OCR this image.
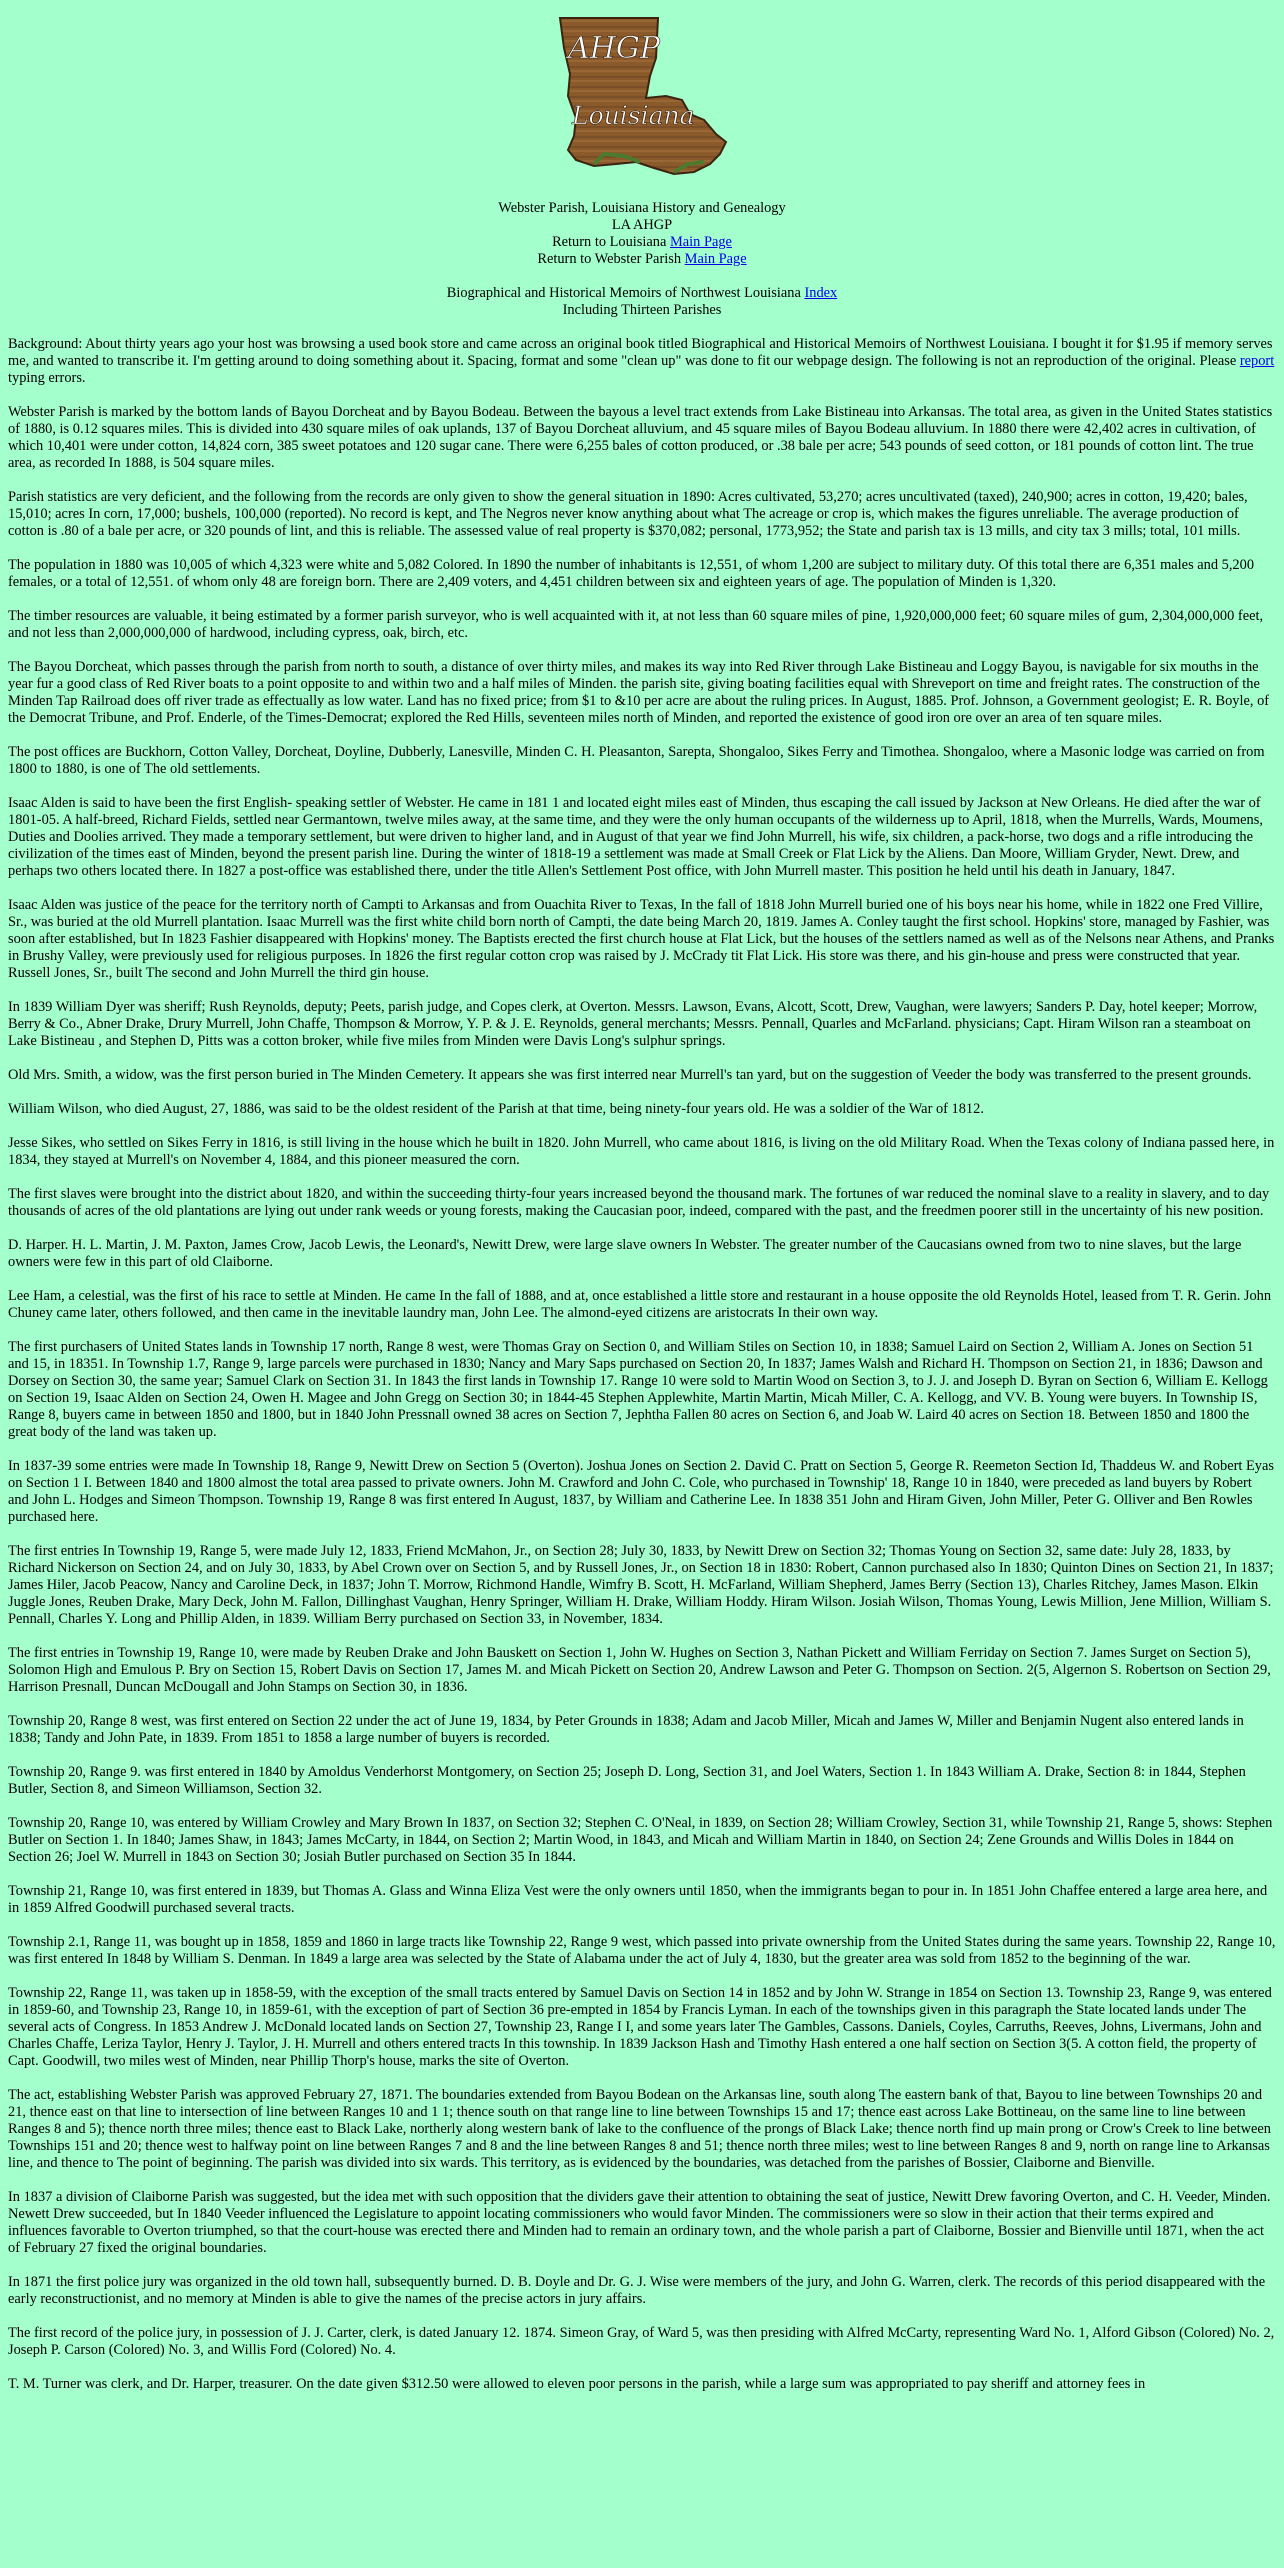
AHGP
Louisiana
Webster Parish, Louisiana History and Genealogy
LA AHGP
Return to Louisiana Main Page
Return to Webster Parish Main Page
Biographical and Historical Memoirs of Northwest Louisiana Index
Including Thirteen Parishes

Background: About thirty years ago your host was browsing a used book store and came across an original book titled Biographical and Historical Memoirs of Northwest Louisiana. I bought it for $1.95 if memory serves me, and wanted to transcribe it. I'm getting around to doing something about it. Spacing, format and some "clean up" was done to fit our webpage design. The following is not an reproduction of the original. Please report typing errors.

Webster Parish is marked by the bottom lands of Bayou Dorcheat and by Bayou Bodeau. Between the bayous a level tract extends from Lake Bistineau into Arkansas. The total area, as given in the United States statistics of 1880, is 0.12 squares miles. This is divided into 430 square miles of oak uplands, 137 of Bayou Dorcheat alluvium, and 45 square miles of Bayou Bodeau alluvium. In 1880 there were 42,402 acres in cultivation, of which 10,401 were under cotton, 14,824 corn, 385 sweet potatoes and 120 sugar cane. There were 6,255 bales of cotton produced, or .38 bale per acre; 543 pounds of seed cotton, or 181 pounds of cotton lint. The true area, as recorded In 1888, is 504 square miles.

Parish statistics are very deficient, and the following from the records are only given to show the general situation in 1890: Acres cultivated, 53,270; acres uncultivated (taxed), 240,900; acres in cotton, 19,420; bales, 15,010; acres In corn, 17,000; bushels, 100,000 (reported). No record is kept, and The Negros never know anything about what The acreage or crop is, which makes the figures unreliable. The average production of cotton is .80 of a bale per acre, or 320 pounds of lint, and this is reliable. The assessed value of real property is $370,082; personal, 1773,952; the State and parish tax is 13 mills, and city tax 3 mills; total, 101 mills.

The population in 1880 was 10,005 of which 4,323 were white and 5,082 Colored. In 1890 the number of inhabitants is 12,551, of whom 1,200 are subject to military duty. Of this total there are 6,351 males and 5,200 females, or a total of 12,551. of whom only 48 are foreign born. There are 2,409 voters, and 4,451 children between six and eighteen years of age. The population of Minden is 1,320.

The timber resources are valuable, it being estimated by a former parish surveyor, who is well acquainted with it, at not less than 60 square miles of pine, 1,920,000,000 feet; 60 square miles of gum, 2,304,000,000 feet, and not less than 2,000,000,000 of hardwood, including cypress, oak, birch, etc.

The Bayou Dorcheat, which passes through the parish from north to south, a distance of over thirty miles, and makes its way into Red River through Lake Bistineau and Loggy Bayou, is navigable for six mouths in the year fur a good class of Red River boats to a point opposite to and within two and a half miles of Minden. the parish site, giving boating facilities equal with Shreveport on time and freight rates. The construction of the Minden Tap Railroad does off river trade as effectually as low water. Land has no fixed price; from $1 to &10 per acre are about the ruling prices. In August, 1885. Prof. Johnson, a Government geologist; E. R. Boyle, of the Democrat Tribune, and Prof. Enderle, of the Times-Democrat; explored the Red Hills, seventeen miles north of Minden, and reported the existence of good iron ore over an area of ten square miles.

The post offices are Buckhorn, Cotton Valley, Dorcheat, Doyline, Dubberly, Lanesville, Minden C. H. Pleasanton, Sarepta, Shongaloo, Sikes Ferry and Timothea. Shongaloo, where a Masonic lodge was carried on from 1800 to 1880, is one of The old settlements.

Isaac Alden is said to have been the first English- speaking settler of Webster. He came in 181 1 and located eight miles east of Minden, thus escaping the call issued by Jackson at New Orleans. He died after the war of 1801-05. A half-breed, Richard Fields, settled near Germantown, twelve miles away, at the same time, and they were the only human occupants of the wilderness up to April, 1818, when the Murrells, Wards, Moumens, Duties and Doolies arrived. They made a temporary settlement, but were driven to higher land, and in August of that year we find John Murrell, his wife, six children, a pack-horse, two dogs and a rifle introducing the civilization of the times east of Minden, beyond the present parish line. During the winter of 1818-19 a settlement was made at Small Creek or Flat Lick by the Aliens. Dan Moore, William Gryder, Newt. Drew, and perhaps two others located there. In 1827 a post-office was established there, under the title Allen's Settlement Post office, with John Murrell master. This position he held until his death in January, 1847.

Isaac Alden was justice of the peace for the territory north of Campti to Arkansas and from Ouachita River to Texas, In the fall of 1818 John Murrell buried one of his boys near his home, while in 1822 one Fred Villire, Sr., was buried at the old Murrell plantation. Isaac Murrell was the first white child born north of Campti, the date being March 20, 1819. James A. Conley taught the first school. Hopkins' store, managed by Fashier, was soon after established, but In 1823 Fashier disappeared with Hopkins' money. The Baptists erected the first church house at Flat Lick, but the houses of the settlers named as well as of the Nelsons near Athens, and Pranks in Brushy Valley, were previously used for religious purposes. In 1826 the first regular cotton crop was raised by J. McCrady tit Flat Lick. His store was there, and his gin-house and press were constructed that year. Russell Jones, Sr., built The second and John Murrell the third gin house.

In 1839 William Dyer was sheriff; Rush Reynolds, deputy; Peets, parish judge, and Copes clerk, at Overton. Messrs. Lawson, Evans, Alcott, Scott, Drew, Vaughan, were lawyers; Sanders P. Day, hotel keeper; Morrow, Berry & Co., Abner Drake, Drury Murrell, John Chaffe, Thompson & Morrow, Y. P. & J. E. Reynolds, general merchants; Messrs. Pennall, Quarles and McFarland. physicians; Capt. Hiram Wilson ran a steamboat on Lake Bistineau , and Stephen D, Pitts was a cotton broker, while five miles from Minden were Davis Long's sulphur springs.

Old Mrs. Smith, a widow, was the first person buried in The Minden Cemetery. It appears she was first interred near Murrell's tan yard, but on the suggestion of Veeder the body was transferred to the present grounds.

William Wilson, who died August, 27, 1886, was said to be the oldest resident of the Parish at that time, being ninety-four years old. He was a soldier of the War of 1812.

Jesse Sikes, who settled on Sikes Ferry in 1816, is still living in the house which he built in 1820. John Murrell, who came about 1816, is living on the old Military Road. When the Texas colony of Indiana passed here, in 1834, they stayed at Murrell's on November 4, 1884, and this pioneer measured the corn.

The first slaves were brought into the district about 1820, and within the succeeding thirty-four years increased beyond the thousand mark. The fortunes of war reduced the nominal slave to a reality in slavery, and to day thousands of acres of the old plantations are lying out under rank weeds or young forests, making the Caucasian poor, indeed, compared with the past, and the freedmen poorer still in the uncertainty of his new position.

D. Harper. H. L. Martin, J. M. Paxton, James Crow, Jacob Lewis, the Leonard's, Newitt Drew, were large slave owners In Webster. The greater number of the Caucasians owned from two to nine slaves, but the large owners were few in this part of old Claiborne.

Lee Ham, a celestial, was the first of his race to settle at Minden. He came In the fall of 1888, and at, once established a little store and restaurant in a house opposite the old Reynolds Hotel, leased from T. R. Gerin. John Chuney came later, others followed, and then came in the inevitable laundry man, John Lee. The almond-eyed citizens are aristocrats In their own way.

The first purchasers of United States lands in Township 17 north, Range 8 west, were Thomas Gray on Section 0, and William Stiles on Section 10, in 1838; Samuel Laird on Section 2, William A. Jones on Section 51 and 15, in 18351. In Township 1.7, Range 9, large parcels were purchased in 1830; Nancy and Mary Saps purchased on Section 20, In 1837; James Walsh and Richard H. Thompson on Section 21, in 1836; Dawson and Dorsey on Section 30, the same year; Samuel Clark on Section 31. In 1843 the first lands in Township 17. Range 10 were sold to Martin Wood on Section 3, to J. J. and Joseph D. Byran on Section 6, William E. Kellogg on Section 19, Isaac Alden on Section 24, Owen H. Magee and John Gregg on Section 30; in 1844-45 Stephen Applewhite, Martin Martin, Micah Miller, C. A. Kellogg, and VV. B. Young were buyers. In Township IS, Range 8, buyers came in between 1850 and 1800, but in 1840 John Pressnall owned 38 acres on Section 7, Jephtha Fallen 80 acres on Section 6, and Joab W. Laird 40 acres on Section 18. Between 1850 and 1800 the great body of the land was taken up.

In 1837-39 some entries were made In Township 18, Range 9, Newitt Drew on Section 5 (Overton). Joshua Jones on Section 2. David C. Pratt on Section 5, George R. Reemeton Section Id, Thaddeus W. and Robert Eyas on Section 1 I. Between 1840 and 1800 almost the total area passed to private owners. John M. Crawford and John C. Cole, who purchased in Township' 18, Range 10 in 1840, were preceded as land buyers by Robert and John L. Hodges and Simeon Thompson. Township 19, Range 8 was first entered In August, 1837, by William and Catherine Lee. In 1838 351 John and Hiram Given, John Miller, Peter G. Olliver and Ben Rowles purchased here.

The first entries In Township 19, Range 5, were made July 12, 1833, Friend McMahon, Jr., on Section 28; July 30, 1833, by Newitt Drew on Section 32; Thomas Young on Section 32, same date: July 28, 1833, by Richard Nickerson on Section 24, and on July 30, 1833, by Abel Crown over on Section 5, and by Russell Jones, Jr., on Section 18 in 1830: Robert, Cannon purchased also In 1830; Quinton Dines on Section 21, In 1837; James Hiler, Jacob Peacow, Nancy and Caroline Deck, in 1837; John T. Morrow, Richmond Handle, Wimfry B. Scott, H. McFarland, William Shepherd, James Berry (Section 13), Charles Ritchey, James Mason. Elkin Juggle Jones, Reuben Drake, Mary Deck, John M. Fallon, Dillinghast Vaughan, Henry Springer, William H. Drake, William Hoddy. Hiram Wilson. Josiah Wilson, Thomas Young, Lewis Million, Jene Million, William S. Pennall, Charles Y. Long and Phillip Alden, in 1839. William Berry purchased on Section 33, in November, 1834.

The first entries in Township 19, Range 10, were made by Reuben Drake and John Bauskett on Section 1, John W. Hughes on Section 3, Nathan Pickett and William Ferriday on Section 7. James Surget on Section 5), Solomon High and Emulous P. Bry on Section 15, Robert Davis on Section 17, James M. and Micah Pickett on Section 20, Andrew Lawson and Peter G. Thompson on Section. 2(5, Algernon S. Robertson on Section 29, Harrison Presnall, Duncan McDougall and John Stamps on Section 30, in 1836.

Township 20, Range 8 west, was first entered on Section 22 under the act of June 19, 1834, by Peter Grounds in 1838; Adam and Jacob Miller, Micah and James W, Miller and Benjamin Nugent also entered lands in 1838; Tandy and John Pate, in 1839. From 1851 to 1858 a large number of buyers is recorded.

Township 20, Range 9. was first entered in 1840 by Amoldus Venderhorst Montgomery, on Section 25; Joseph D. Long, Section 31, and Joel Waters, Section 1. In 1843 William A. Drake, Section 8: in 1844, Stephen Butler, Section 8, and Simeon Williamson, Section 32.

Township 20, Range 10, was entered by William Crowley and Mary Brown In 1837, on Section 32; Stephen C. O'Neal, in 1839, on Section 28; William Crowley, Section 31, while Township 21, Range 5, shows: Stephen Butler on Section 1. In 1840; James Shaw, in 1843; James McCarty, in 1844, on Section 2; Martin Wood, in 1843, and Micah and William Martin in 1840, on Section 24; Zene Grounds and Willis Doles in 1844 on Section 26; Joel W. Murrell in 1843 on Section 30; Josiah Butler purchased on Section 35 In 1844.

Township 21, Range 10, was first entered in 1839, but Thomas A. Glass and Winna Eliza Vest were the only owners until 1850, when the immigrants began to pour in. In 1851 John Chaffee entered a large area here, and in 1859 Alfred Goodwill purchased several tracts.

Township 2.1, Range 11, was bought up in 1858, 1859 and 1860 in large tracts like Township 22, Range 9 west, which passed into private ownership from the United States during the same years. Township 22, Range 10, was first entered In 1848 by William S. Denman. In 1849 a large area was selected by the State of Alabama under the act of July 4, 1830, but the greater area was sold from 1852 to the beginning of the war.

Township 22, Range 11, was taken up in 1858-59, with the exception of the small tracts entered by Samuel Davis on Section 14 in 1852 and by John W. Strange in 1854 on Section 13. Township 23, Range 9, was entered in 1859-60, and Township 23, Range 10, in 1859-61, with the exception of part of Section 36 pre-empted in 1854 by Francis Lyman. In each of the townships given in this paragraph the State located lands under The several acts of Congress. In 1853 Andrew J. McDonald located lands on Section 27, Township 23, Range I I, and some years later The Gambles, Cassons. Daniels, Coyles, Carruths, Reeves, Johns, Livermans, John and Charles Chaffe, Leriza Taylor, Henry J. Taylor, J. H. Murrell and others entered tracts In this township. In 1839 Jackson Hash and Timothy Hash entered a one half section on Section 3(5. A cotton field, the property of Capt. Goodwill, two miles west of Minden, near Phillip Thorp's house, marks the site of Overton.

The act, establishing Webster Parish was approved February 27, 1871. The boundaries extended from Bayou Bodean on the Arkansas line, south along The eastern bank of that, Bayou to line between Townships 20 and 21, thence east on that line to intersection of line between Ranges 10 and 1 1; thence south on that range line to line between Townships 15 and 17; thence east across Lake Bottineau, on the same line to line between Ranges 8 and 5); thence north three miles; thence east to Black Lake, northerly along western bank of lake to the confluence of the prongs of Black Lake; thence north find up main prong or Crow's Creek to line between Townships 151 and 20; thence west to halfway point on line between Ranges 7 and 8 and the line between Ranges 8 and 51; thence north three miles; west to line between Ranges 8 and 9, north on range line to Arkansas line, and thence to The point of beginning. The parish was divided into six wards. This territory, as is evidenced by the boundaries, was detached from the parishes of Bossier, Claiborne and Bienville.

In 1837 a division of Claiborne Parish was suggested, but the idea met with such opposition that the dividers gave their attention to obtaining the seat of justice, Newitt Drew favoring Overton, and C. H. Veeder, Minden. Newett Drew succeeded, but In 1840 Veeder influenced the Legislature to appoint locating commissioners who would favor Minden. The commissioners were so slow in their action that their terms expired and influences favorable to Overton triumphed, so that the court-house was erected there and Minden had to remain an ordinary town, and the whole parish a part of Claiborne, Bossier and Bienville until 1871, when the act of February 27 fixed the original boundaries.

In 1871 the first police jury was organized in the old town hall, subsequently burned. D. B. Doyle and Dr. G. J. Wise were members of the jury, and John G. Warren, clerk. The records of this period disappeared with the early reconstructionist, and no memory at Minden is able to give the names of the precise actors in jury affairs.

The first record of the police jury, in possession of J. J. Carter, clerk, is dated January 12. 1874. Simeon Gray, of Ward 5, was then presiding with Alfred McCarty, representing Ward No. 1, Alford Gibson (Colored) No. 2, Joseph P. Carson (Colored) No. 3, and Willis Ford (Colored) No. 4.

T. M. Turner was clerk, and Dr. Harper, treasurer. On the date given $312.50 were allowed to eleven poor persons in the parish, while a large sum was appropriated to pay sheriff and attorney fees in
